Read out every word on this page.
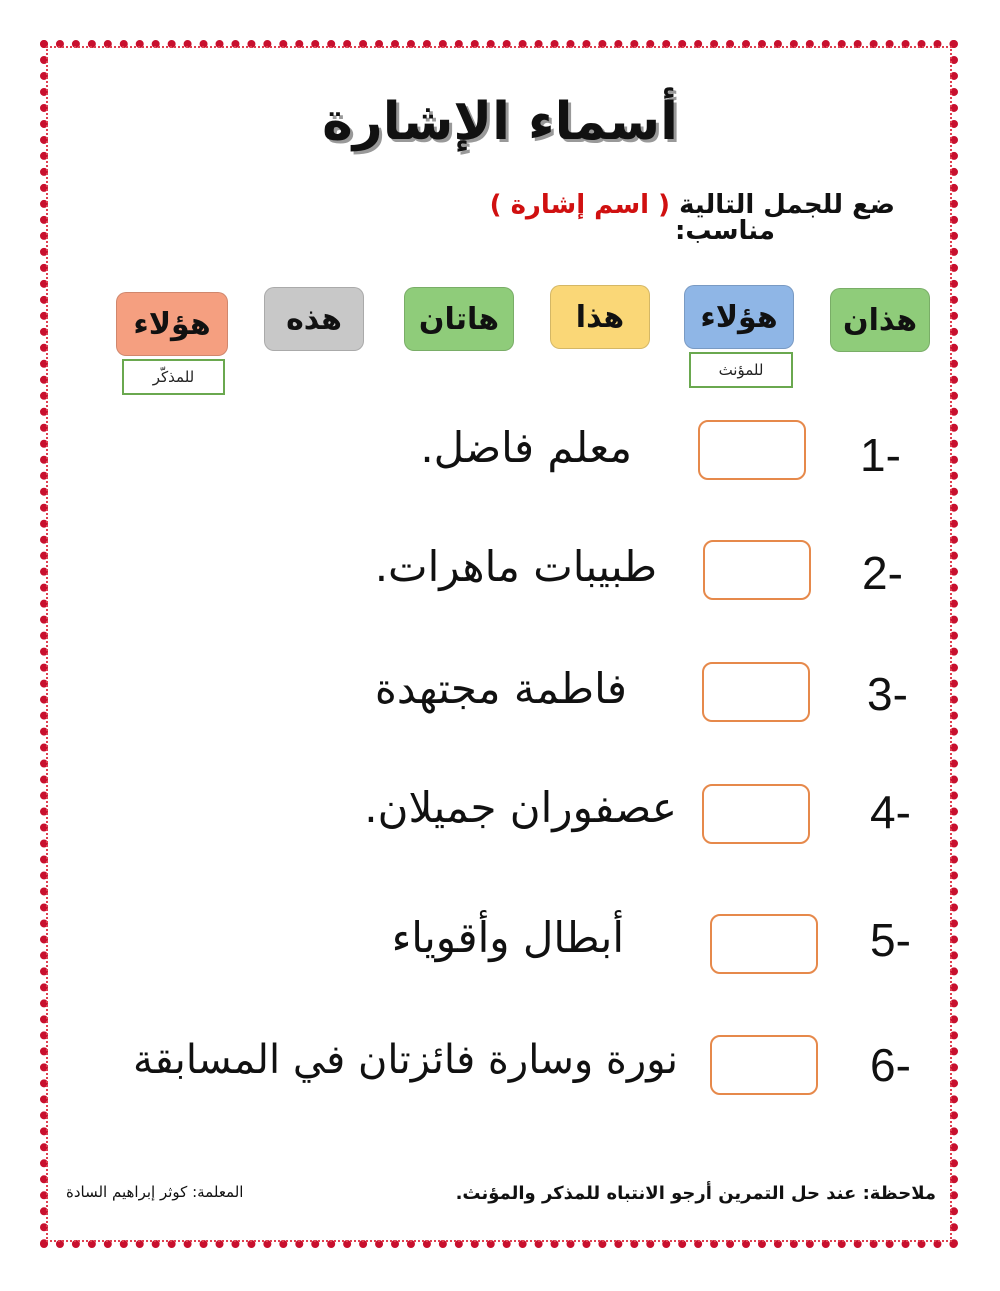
أسماء الإشارة
ضع للجمل التالية ( اسم إشارة )
مناسب:
هذان
هؤلاء
هذا
هاتان
هذه
هؤلاء
للمؤنث
للمذكّر
1-
معلم فاضل.
2-
طبيبات ماهرات.
3-
فاطمة مجتهدة
4-
عصفوران جميلان.
5-
أبطال وأقوياء
6-
نورة وسارة فائزتان في المسابقة
ملاحظة: عند حل التمرين أرجو الانتباه للمذكر والمؤنث.
المعلمة: كوثر إبراهيم السادة
